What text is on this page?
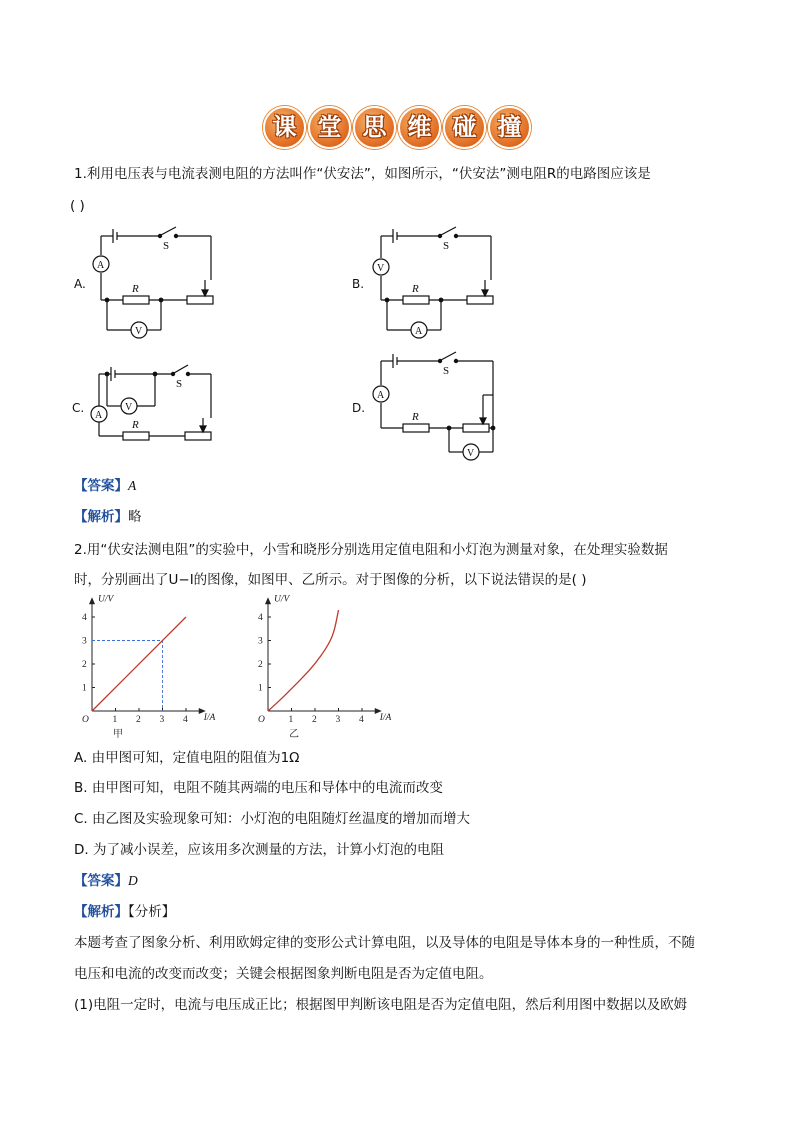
课 堂 思 维 碰 撞
1.利用电压表与电流表测电阻的方法叫作“伏安法”，如图所示，“伏安法”测电阻R的电路图应该是
( )
A.	B.
C.	D.
S
R
A
V
S
R
V
A
S
R
A
V
S
R
A
V
【答案】A
【解析】略
2.用“伏安法测电阻”的实验中，小雪和晓彤分别选用定值电阻和小灯泡为测量对象，在处理实验数据
时，分别画出了U−I的图像，如图甲、乙所示。对于图像的分析，以下说法错误的是( )
1 2 3 4
1
2
3
4
O	I/A
U/V
甲
1 2 3 4
1
2
3
4
O	I/A
U/V
乙
A. 由甲图可知，定值电阻的阻值为1Ω
B. 由甲图可知，电阻不随其两端的电压和导体中的电流而改变
C. 由乙图及实验现象可知：小灯泡的电阻随灯丝温度的增加而增大
D. 为了减小误差，应该用多次测量的方法，计算小灯泡的电阻
【答案】D
【解析】【分析】
本题考查了图象分析、利用欧姆定律的变形公式计算电阻，以及导体的电阻是导体本身的一种性质，不随
电压和电流的改变而改变；关键会根据图象判断电阻是否为定值电阻。
(1)电阻一定时，电流与电压成正比；根据图甲判断该电阻是否为定值电阻，然后利用图中数据以及欧姆
